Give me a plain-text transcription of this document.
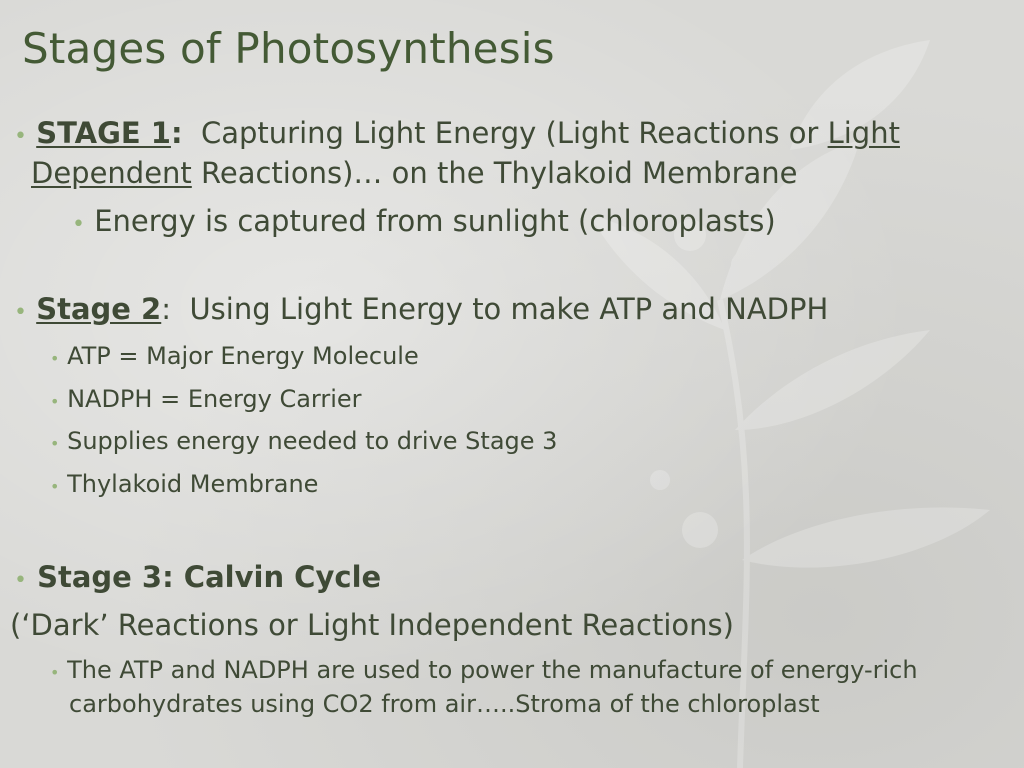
Stages of Photosynthesis

• STAGE 1: Capturing Light Energy (Light Reactions or Light

Dependent Reactions)… on the Thylakoid Membrane

• Energy is captured from sunlight (chloroplasts)

• Stage 2: Using Light Energy to make ATP and NADPH

• ATP = Major Energy Molecule

• NADPH = Energy Carrier

• Supplies energy needed to drive Stage 3

• Thylakoid Membrane

• Stage 3: Calvin Cycle

(‘Dark’ Reactions or Light Independent Reactions)

• The ATP and NADPH are used to power the manufacture of energy-rich

carbohydrates using CO2 from air…..Stroma of the chloroplast
